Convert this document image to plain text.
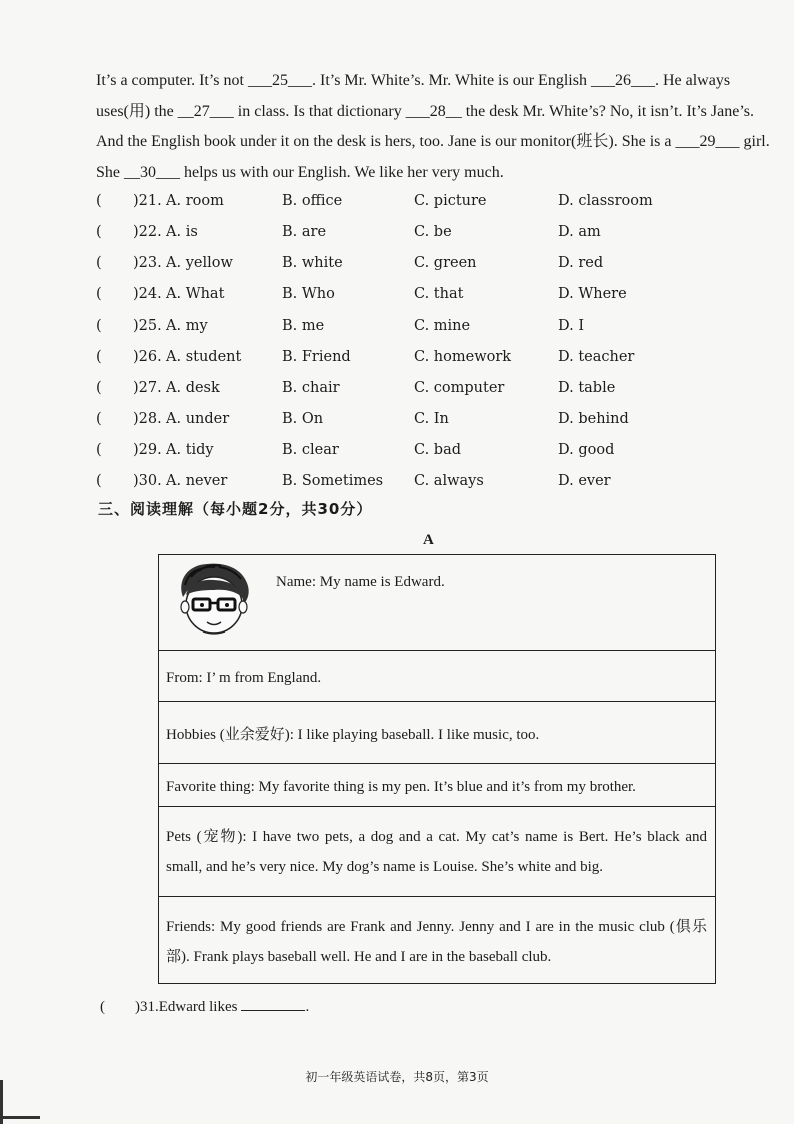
It’s a computer. It’s not ___25___. It’s Mr. White’s. Mr. White is our English ___26___. He always
uses(用) the __27___ in class. Is that dictionary ___28__ the desk Mr. White’s? No, it isn’t. It’s Jane’s.
And the English book under it on the desk is hers, too. Jane is our monitor(班长). She is a ___29___ girl.
She __30___ helps us with our English. We like her very much.
( )21. A. room	B. office	C. picture	D. classroom
( )22. A. is	B. are	C. be	D. am
( )23. A. yellow	B. white	C. green	D. red
( )24. A. What	B. Who	C. that	D. Where
( )25. A. my	B. me	C. mine	D. I
( )26. A. student	B. Friend	C. homework	D. teacher
( )27. A. desk	B. chair	C. computer	D. table
( )28. A. under	B. On	C. In	D. behind
( )29. A. tidy	B. clear	C. bad	D. good
( )30. A. never	B. Sometimes C. always	D. ever
三、阅读理解（每小题2分，共30分）
A
Name: My name is Edward.
From: I’ m from England.
Hobbies (业余爱好): I like playing baseball. I like music, too.
Favorite thing: My favorite thing is my pen. It’s blue and it’s from my brother.
Pets (宠物): I have two pets, a dog and a cat. My cat’s name is Bert. He’s black and small, and he’s very nice. My dog’s name is Louise. She’s white and big.
Friends: My good friends are Frank and Jenny. Jenny and I are in the music club (俱乐部). Frank plays baseball well. He and I are in the baseball club.
( )31.Edward likes	.
初一年级英语试卷，共8页，第3页
